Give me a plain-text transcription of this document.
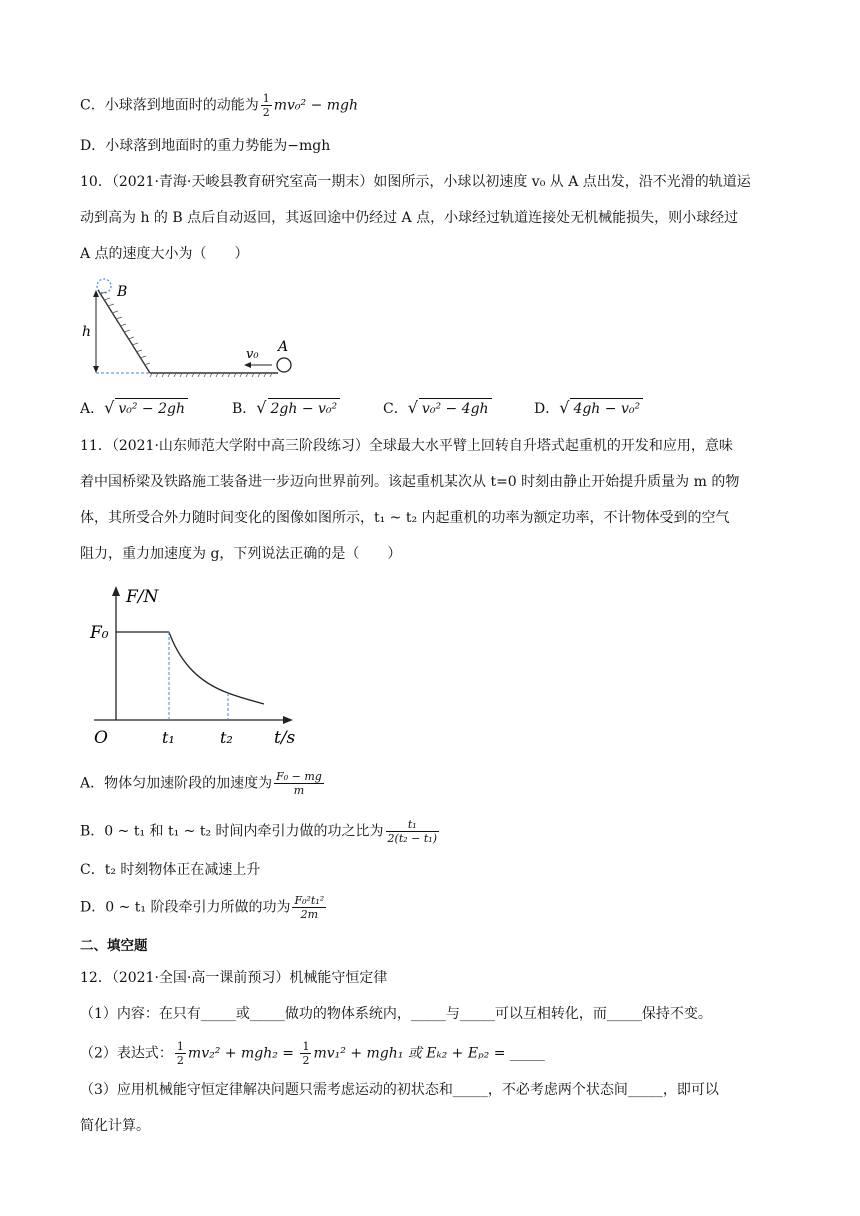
C．小球落到地面时的动能为 $\frac{1}{2} mv_0^2$ − mgh
D．小球落到地面时的重力势能为−mgh
10．（2021·青海·天峻县教育研究室高一期末）如图所示，小球以初速度 v₀ 从 A 点出发，沿不光滑的轨道运
动到高为 h 的 B 点后自动返回，其返回途中仍经过 A 点，小球经过轨道连接处无机械能损失，则小球经过
A 点的速度大小为（　　）
B
h
v₀ A
A．√ v₀² − 2gh	B．√ 2gh − v₀²	C．√ v₀² − 4gh	D．√ 4gh − v₀²
11．（2021·山东师范大学附中高三阶段练习）全球最大水平臂上回转自升塔式起重机的开发和应用，意味
着中国桥梁及铁路施工装备进一步迈向世界前列。该起重机某次从 t=0 时刻由静止开始提升质量为 m 的物
体，其所受合外力随时间变化的图像如图所示，t₁ ~ t₂ 内起重机的功率为额定功率，不计物体受到的空气
阻力，重力加速度为 g，下列说法正确的是（　　）
F/N
F₀
O	t₁	t₂ t/s
A．物体匀加速阶段的加速度为 $\frac{\text{F₀ − mg}}{m}$
B．0 ~ t₁ 和 t₁ ~ t₂ 时间内牵引力做的功之比为 $\frac{\text{t₁}}{\text{2(t₂ − t₁)}}$
C．t₂ 时刻物体正在减速上升
D．0 ~ t₁ 阶段牵引力所做的功为 $\frac{\text{F₀²t₁²}}{2m}$
二、填空题
12．（2021·全国·高一课前预习）机械能守恒定律
（1）内容：在只有_____或_____做功的物体系统内，_____与_____可以互相转化，而_____保持不变。
（2）表达式： $\frac{1}{2} mv_2^2 + mgh_2 = \frac{1}{2} mv_1^2 + mgh_1$ 或 Eₖ₂ + Eₚ₂ = _____
（3）应用机械能守恒定律解决问题只需考虑运动的初状态和_____，不必考虑两个状态间_____，即可以
简化计算。
